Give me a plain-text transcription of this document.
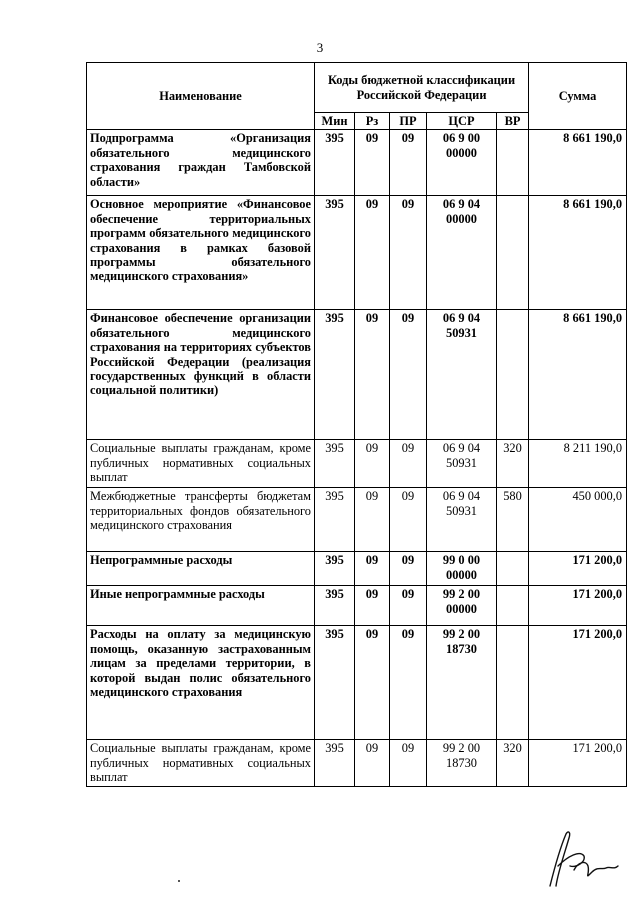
3
Наименование	Коды бюджетной классификации Российской Федерации					Сумма
	Мин	Рз	ПР	ЦСР	ВР	
Подпрограмма «Организация обязательного медицинского страхования граждан Тамбовской области»	395	09	09	06 9 00 00000		8 661 190,0
Основное мероприятие «Финансовое обеспечение территориальных программ обязательного медицинского страхования в рамках базовой программы обязательного медицинского страхования»	395	09	09	06 9 04 00000		8 661 190,0
Финансовое обеспечение организации обязательного медицинского страхования на территориях субъектов Российской Федерации (реализация государственных функций в области социальной политики)	395	09	09	06 9 04 50931		8 661 190,0
Социальные выплаты гражданам, кроме публичных нормативных социальных выплат	395	09	09	06 9 04 50931	320	8 211 190,0
Межбюджетные трансферты бюджетам территориальных фондов обязательного медицинского страхования	395	09	09	06 9 04 50931	580	450 000,0
Непрограммные расходы	395	09	09	99 0 00 00000		171 200,0
Иные непрограммные расходы	395	09	09	99 2 00 00000		171 200,0
Расходы на оплату за медицинскую помощь, оказанную застрахованным лицам за пределами территории, в которой выдан полис обязательного медицинского страхования	395	09	09	99 2 00 18730		171 200,0
Социальные выплаты гражданам, кроме публичных нормативных социальных выплат	395	09	09	99 2 00 18730	320	171 200,0
